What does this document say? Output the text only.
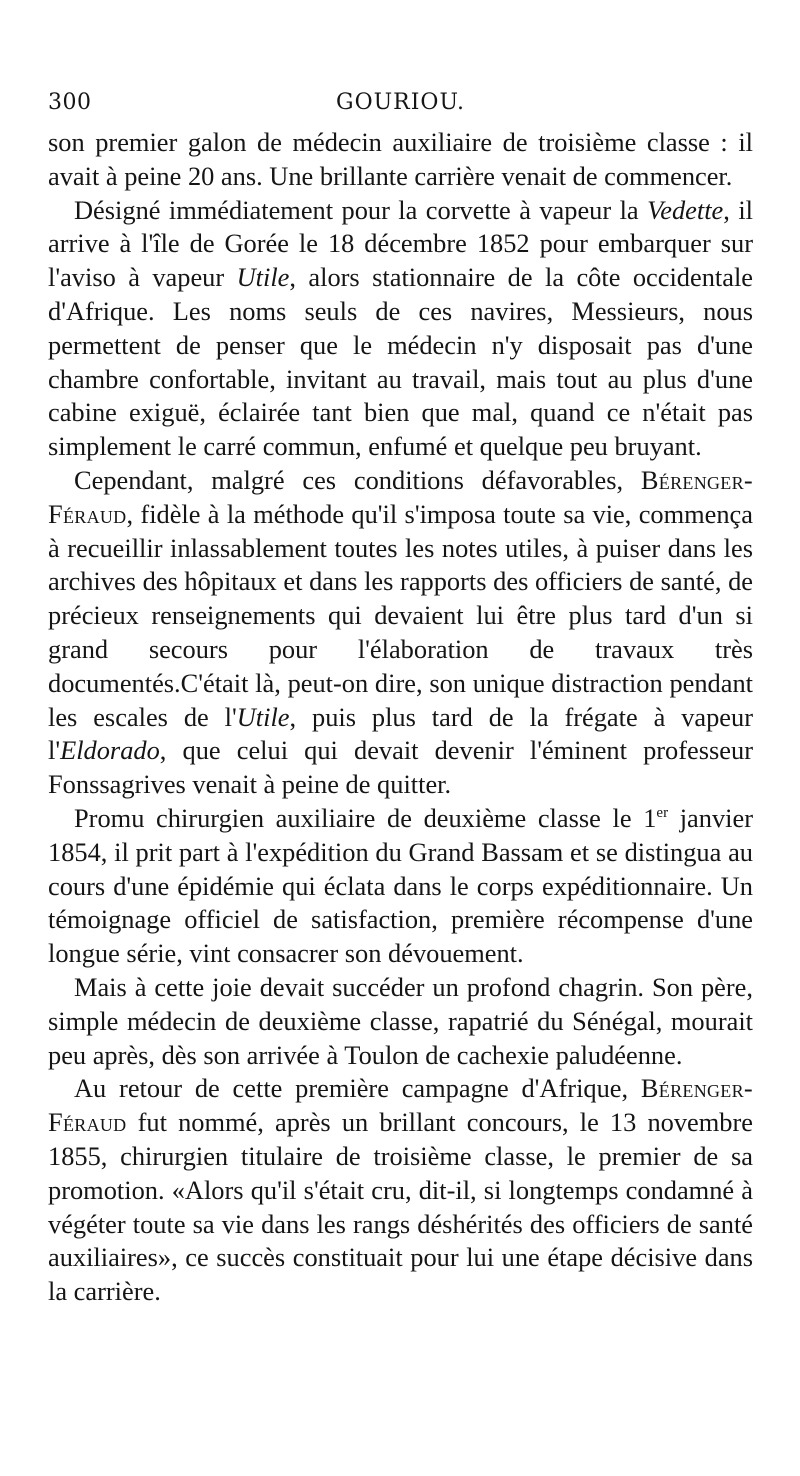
300	GOURIOU.

son premier galon de médecin auxiliaire de troisième classe : il avait à peine 20 ans. Une brillante carrière venait de commencer.

Désigné immédiatement pour la corvette à vapeur la Vedette, il arrive à l'île de Gorée le 18 décembre 1852 pour embarquer sur l'aviso à vapeur Utile, alors stationnaire de la côte occidentale d'Afrique. Les noms seuls de ces navires, Messieurs, nous permettent de penser que le médecin n'y disposait pas d'une chambre confortable, invitant au travail, mais tout au plus d'une cabine exiguë, éclairée tant bien que mal, quand ce n'était pas simplement le carré commun, enfumé et quelque peu bruyant.

Cependant, malgré ces conditions défavorables, Bérenger-Féraud, fidèle à la méthode qu'il s'imposa toute sa vie, commença à recueillir inlassablement toutes les notes utiles, à puiser dans les archives des hôpitaux et dans les rapports des officiers de santé, de précieux renseignements qui devaient lui être plus tard d'un si grand secours pour l'élaboration de travaux très documentés.C'était là, peut-on dire, son unique distraction pendant les escales de l'Utile, puis plus tard de la frégate à vapeur l'Eldorado, que celui qui devait devenir l'éminent professeur Fonssagrives venait à peine de quitter.

Promu chirurgien auxiliaire de deuxième classe le 1er janvier 1854, il prit part à l'expédition du Grand Bassam et se distingua au cours d'une épidémie qui éclata dans le corps expéditionnaire. Un témoignage officiel de satisfaction, première récompense d'une longue série, vint consacrer son dévouement.

Mais à cette joie devait succéder un profond chagrin. Son père, simple médecin de deuxième classe, rapatrié du Sénégal, mourait peu après, dès son arrivée à Toulon de cachexie paludéenne.

Au retour de cette première campagne d'Afrique, Bérenger-Féraud fut nommé, après un brillant concours, le 13 novembre 1855, chirurgien titulaire de troisième classe, le premier de sa promotion. «Alors qu'il s'était cru, dit-il, si longtemps condamné à végéter toute sa vie dans les rangs déshérités des officiers de santé auxiliaires», ce succès constituait pour lui une étape décisive dans la carrière.
